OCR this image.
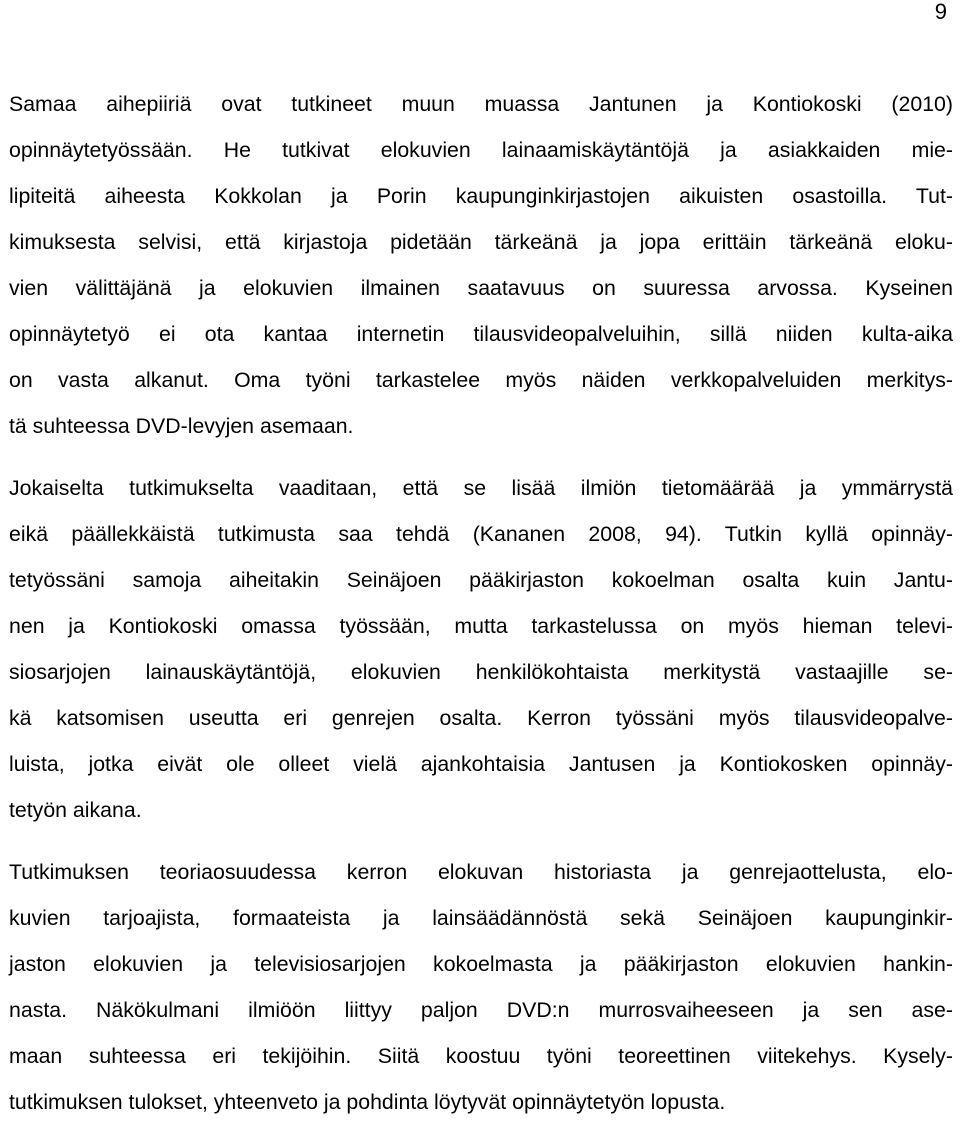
9
Samaa aihepiiriä ovat tutkineet muun muassa Jantunen ja Kontiokoski (2010)
opinnäytetyössään. He tutkivat elokuvien lainaamiskäytäntöjä ja asiakkaiden mie-
lipiteitä aiheesta Kokkolan ja Porin kaupunginkirjastojen aikuisten osastoilla. Tut-
kimuksesta selvisi, että kirjastoja pidetään tärkeänä ja jopa erittäin tärkeänä eloku-
vien välittäjänä ja elokuvien ilmainen saatavuus on suuressa arvossa. Kyseinen
opinnäytetyö ei ota kantaa internetin tilausvideopalveluihin, sillä niiden kulta-aika
on vasta alkanut. Oma työni tarkastelee myös näiden verkkopalveluiden merkitys-
tä suhteessa DVD-levyjen asemaan.
Jokaiselta tutkimukselta vaaditaan, että se lisää ilmiön tietomäärää ja ymmärrystä
eikä päällekkäistä tutkimusta saa tehdä (Kananen 2008, 94). Tutkin kyllä opinnäy-
tetyössäni samoja aiheitakin Seinäjoen pääkirjaston kokoelman osalta kuin Jantu-
nen ja Kontiokoski omassa työssään, mutta tarkastelussa on myös hieman televi-
siosarjojen lainauskäytäntöjä, elokuvien henkilökohtaista merkitystä vastaajille se-
kä katsomisen useutta eri genrejen osalta. Kerron työssäni myös tilausvideopalve-
luista, jotka eivät ole olleet vielä ajankohtaisia Jantusen ja Kontiokosken opinnäy-
tetyön aikana.
Tutkimuksen teoriaosuudessa kerron elokuvan historiasta ja genrejaottelusta, elo-
kuvien tarjoajista, formaateista ja lainsäädännöstä sekä Seinäjoen kaupunginkir-
jaston elokuvien ja televisiosarjojen kokoelmasta ja pääkirjaston elokuvien hankin-
nasta. Näkökulmani ilmiöön liittyy paljon DVD:n murrosvaiheeseen ja sen ase-
maan suhteessa eri tekijöihin. Siitä koostuu työni teoreettinen viitekehys. Kysely-
tutkimuksen tulokset, yhteenveto ja pohdinta löytyvät opinnäytetyön lopusta.
